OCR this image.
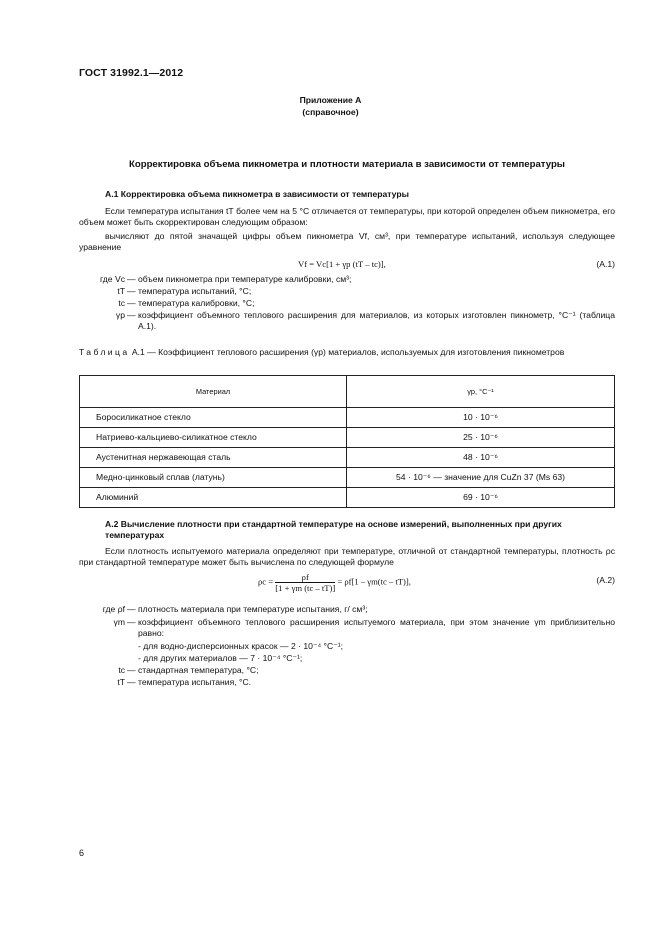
ГОСТ 31992.1—2012
Приложение А
(справочное)
Корректировка объема пикнометра и плотности материала в зависимости от температуры
А.1 Корректировка объема пикнометра в зависимости от температуры
Если температура испытания tТ более чем на 5 °С отличается от температуры, при которой определен объем пикнометра, его объем может быть скорректирован следующим образом:
вычисляют до пятой значащей цифры объем пикнометра Vf, см³, при температуре испытаний, используя следующее уравнение
Vf = Vc[1 + γp (tТ – tc)],	(А.1)
где Vc — объем пикнометра при температуре калибровки, см³;
tТ — температура испытаний, °С;
tc — температура калибровки, °С;
γp — коэффициент объемного теплового расширения для материалов, из которых изготовлен пикнометр, °С⁻¹ (таблица А.1).
Таблица А.1 — Коэффициент теплового расширения (γp) материалов, используемых для изготовления пикнометров
Материал	γp, °С⁻¹
Боросиликатное стекло	10 · 10⁻⁶
Натриево-кальциево-силикатное стекло	25 · 10⁻⁶
Аустенитная нержавеющая сталь	48 · 10⁻⁶
Медно-цинковый сплав (латунь)	54 · 10⁻⁶ — значение для CuZn 37 (Ms 63)
Алюминий	69 · 10⁻⁶
А.2 Вычисление плотности при стандартной температуре на основе измерений, выполненных при других температурах
Если плотность испытуемого материала определяют при температуре, отличной от стандартной температуры, плотность ρc при стандартной температуре может быть вычислена по следующей формуле
$\rho c = \frac{\rho f}{[1 + \gamma m (tc - tТ)]} = \rho f[1 - \gamma m(tc - tТ)]$,	(А.2)
где ρf — плотность материала при температуре испытания, г/ см³;
γm — коэффициент объемного теплового расширения испытуемого материала, при этом значение γm приблизительно равно:
- для водно-дисперсионных красок — 2 · 10⁻⁴ °С⁻¹;
- для других материалов — 7 · 10⁻⁴ °С⁻¹;
tc — стандартная температура, °С;
tТ — температура испытания, °С.
6
